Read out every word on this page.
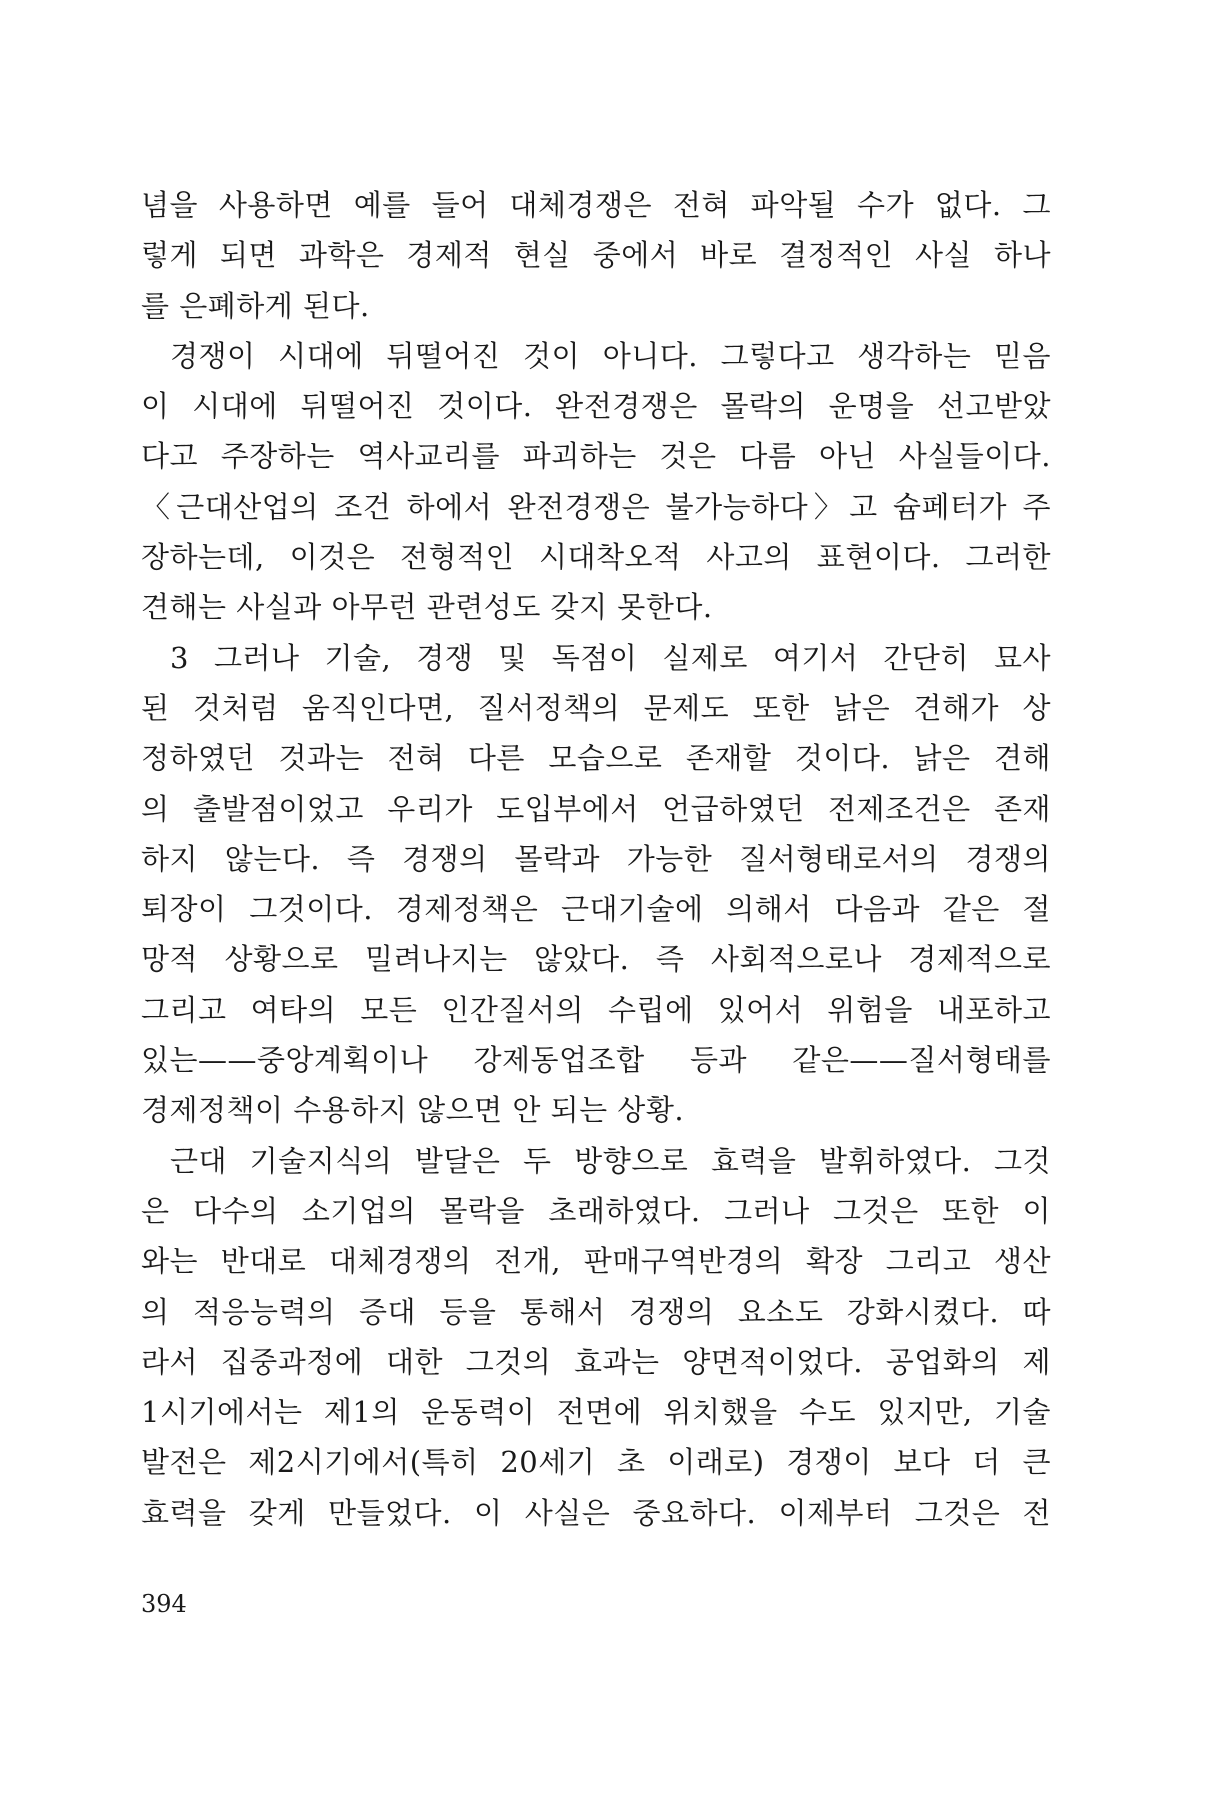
념을 사용하면 예를 들어 대체경쟁은 전혀 파악될 수가 없다. 그
렇게 되면 과학은 경제적 현실 중에서 바로 결정적인 사실 하나
를 은폐하게 된다.
경쟁이 시대에 뒤떨어진 것이 아니다. 그렇다고 생각하는 믿음
이 시대에 뒤떨어진 것이다. 완전경쟁은 몰락의 운명을 선고받았
다고 주장하는 역사교리를 파괴하는 것은 다름 아닌 사실들이다.
〈근대산업의 조건 하에서 완전경쟁은 불가능하다〉고 슘페터가 주
장하는데, 이것은 전형적인 시대착오적 사고의 표현이다. 그러한
견해는 사실과 아무런 관련성도 갖지 못한다.
3 그러나 기술, 경쟁 및 독점이 실제로 여기서 간단히 묘사
된 것처럼 움직인다면, 질서정책의 문제도 또한 낡은 견해가 상
정하였던 것과는 전혀 다른 모습으로 존재할 것이다. 낡은 견해
의 출발점이었고 우리가 도입부에서 언급하였던 전제조건은 존재
하지 않는다. 즉 경쟁의 몰락과 가능한 질서형태로서의 경쟁의
퇴장이 그것이다. 경제정책은 근대기술에 의해서 다음과 같은 절
망적 상황으로 밀려나지는 않았다. 즉 사회적으로나 경제적으로
그리고 여타의 모든 인간질서의 수립에 있어서 위험을 내포하고
있는——중앙계획이나 강제동업조합 등과 같은——질서형태를
경제정책이 수용하지 않으면 안 되는 상황.
근대 기술지식의 발달은 두 방향으로 효력을 발휘하였다. 그것
은 다수의 소기업의 몰락을 초래하였다. 그러나 그것은 또한 이
와는 반대로 대체경쟁의 전개, 판매구역반경의 확장 그리고 생산
의 적응능력의 증대 등을 통해서 경쟁의 요소도 강화시켰다. 따
라서 집중과정에 대한 그것의 효과는 양면적이었다. 공업화의 제
1시기에서는 제1의 운동력이 전면에 위치했을 수도 있지만, 기술
발전은 제2시기에서(특히 20세기 초 이래로) 경쟁이 보다 더 큰
효력을 갖게 만들었다. 이 사실은 중요하다. 이제부터 그것은 전
394
